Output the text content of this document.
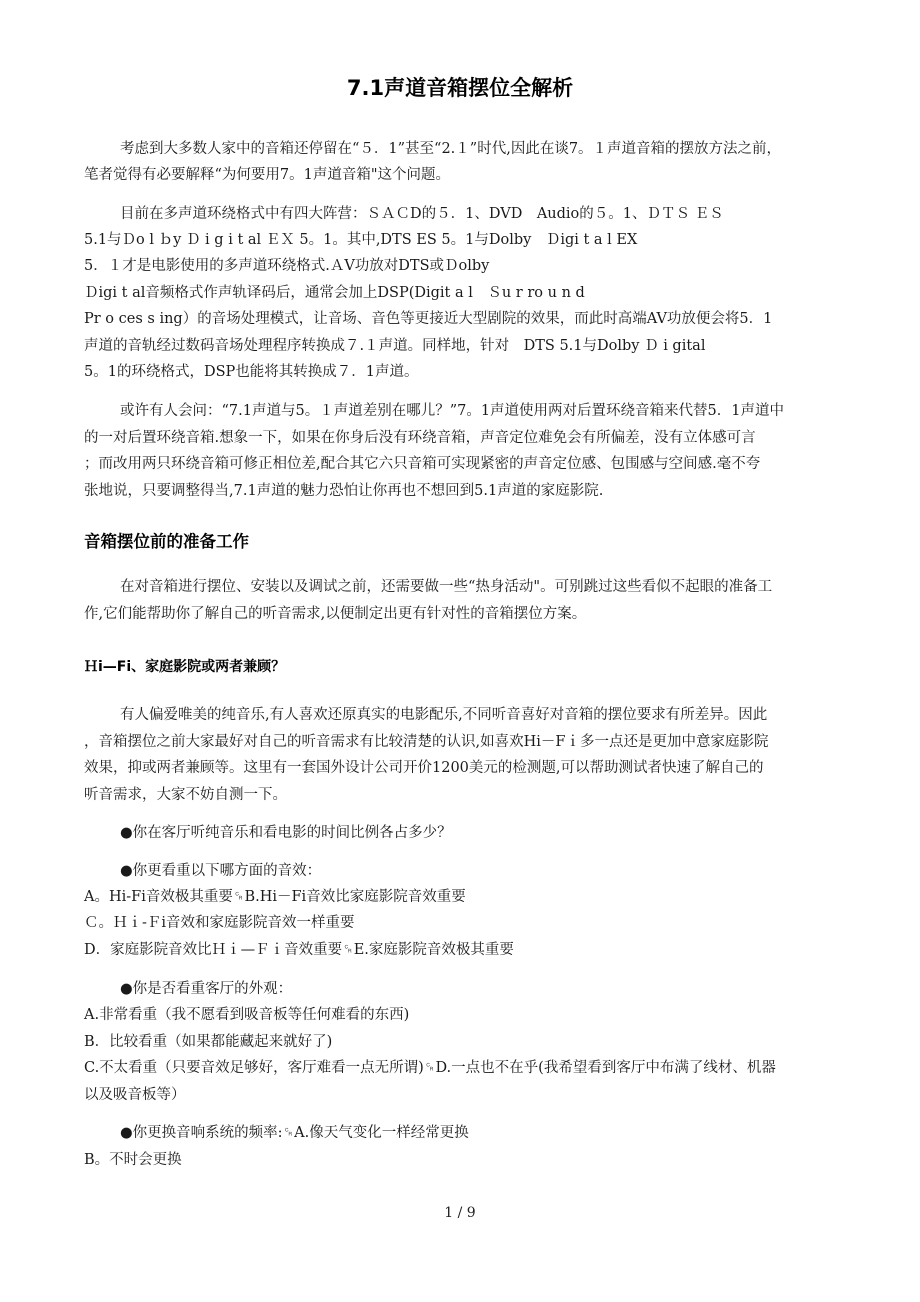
7.1声道音箱摆位全解析
考虑到大多数人家中的音箱还停留在“５．1”甚至“2.１”时代,因此在谈7。１声道音箱的摆放方法之前，
笔者觉得有必要解释“为何要用7。1声道音箱"这个问题。
目前在多声道环绕格式中有四大阵营：ＳＡＣD的５．1、DVD　Audio的５。1、ＤＴＳ ＥＳ
5.1与Ｄo l ｂy Ｄ i g i t al ＥＸ 5。1。其中,DTS ES 5。1与Dolby　Ｄigi t a l EX
5．１才是电影使用的多声道环绕格式.ＡV功放对DTS或Ｄolby
Ｄigi t al音频格式作声轨译码后，通常会加上DSP(Digit a l　Ｓu r ro u n d
Pr o ces s ing）的音场处理模式，让音场、音色等更接近大型剧院的效果，而此时高端AV功放便会将5．1
声道的音轨经过数码音场处理程序转换成７.１声道。同样地，针对　DTS 5.1与Dolby Ｄ i gital
5。1的环绕格式，DSP也能将其转换成７．1声道。
或许有人会问：“7.1声道与5。１声道差别在哪儿？”7。1声道使用两对后置环绕音箱来代替5．1声道中
的一对后置环绕音箱.想象一下，如果在你身后没有环绕音箱，声音定位难免会有所偏差，没有立体感可言
；而改用两只环绕音箱可修正相位差,配合其它六只音箱可实现紧密的声音定位感、包围感与空间感.毫不夸
张地说，只要调整得当,7.1声道的魅力恐怕让你再也不想回到5.1声道的家庭影院.
音箱摆位前的准备工作
在对音箱进行摆位、安装以及调试之前，还需要做一些“热身活动"。可别跳过这些看似不起眼的准备工
作,它们能帮助你了解自己的听音需求,以便制定出更有针对性的音箱摆位方案。
Ｈi—Fi、家庭影院或两者兼顾？
有人偏爱唯美的纯音乐,有人喜欢还原真实的电影配乐,不同听音喜好对音箱的摆位要求有所差异。因此
，音箱摆位之前大家最好对自己的听音需求有比较清楚的认识,如喜欢Hi－Fｉ多一点还是更加中意家庭影院
效果，抑或两者兼顾等。这里有一套国外设计公司开价1200美元的检测题,可以帮助测试者快速了解自己的
听音需求，大家不妨自测一下。
●你在客厅听纯音乐和看电影的时间比例各占多少？
●你更看重以下哪方面的音效：
A。Hi-Fi音效极其重要␍B.Hi－Fi音效比家庭影院音效重要
Ｃ。Ｈｉ-Ｆi音效和家庭影院音效一样重要
D．家庭影院音效比Ｈｉ—Ｆｉ音效重要␍E.家庭影院音效极其重要
●你是否看重客厅的外观：
A.非常看重（我不愿看到吸音板等任何难看的东西)
B．比较看重（如果都能藏起来就好了)
C.不太看重（只要音效足够好，客厅难看一点无所谓)␍D.一点也不在乎(我希望看到客厅中布满了线材、机器
以及吸音板等）
●你更换音响系统的频率:␍A.像天气变化一样经常更换
B。不时会更换
1 / 9
